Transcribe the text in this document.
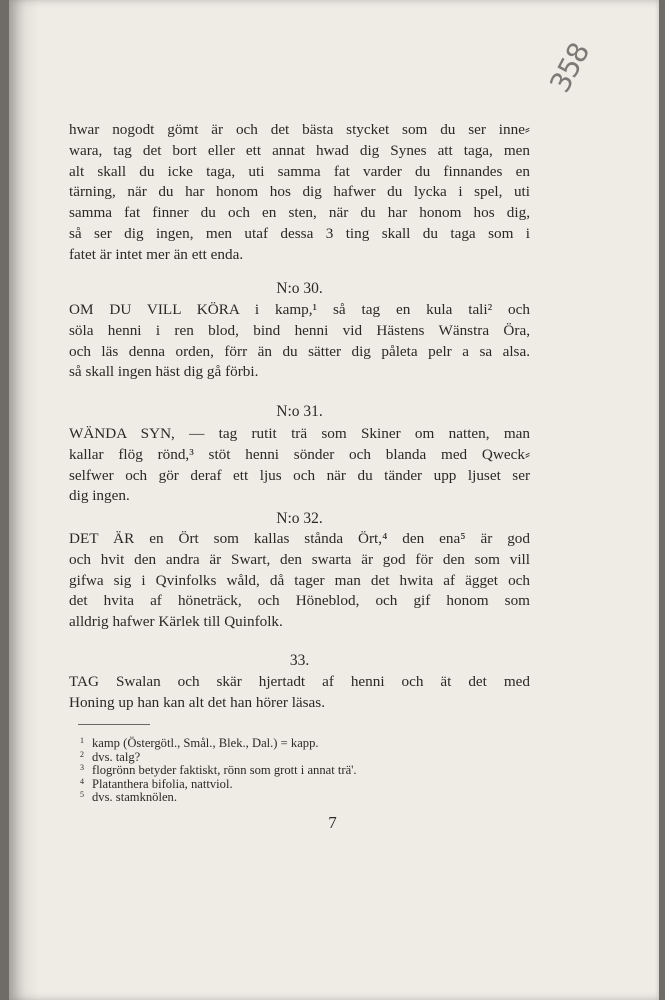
358
hwar nogodt gömt är och det bästa stycket som du ser inne⸗
wara, tag det bort eller ett annat hwad dig Synes att taga, men
alt skall du icke taga, uti samma fat varder du finnandes en
tärning, när du har honom hos dig hafwer du lycka i spel, uti
samma fat finner du och en sten, när du har honom hos dig,
så ser dig ingen, men utaf dessa 3 ting skall du taga som i
fatet är intet mer än ett enda.
N:o 30.
OM DU VILL KÖRA i kamp,¹ så tag en kula tali² och
söla henni i ren blod, bind henni vid Hästens Wänstra Öra,
och läs denna orden, förr än du sätter dig påleta pelr a sa alsa.
så skall ingen häst dig gå förbi.
N:o 31.
WÄNDA SYN, — tag rutit trä som Skiner om natten, man
kallar flög rönd,³ stöt henni sönder och blanda med Qweck⸗
selfwer och gör deraf ett ljus och när du tänder upp ljuset ser
dig ingen.
N:o 32.
DET ÄR en Ört som kallas stånda Ört,⁴ den ena⁵ är god
och hvit den andra är Swart, den swarta är god för den som vill
gifwa sig i Qvinfolks wåld, då tager man det hwita af ägget och
det hvita af höneträck, och Höneblod, och gif honom som
alldrig hafwer Kärlek till Quinfolk.
33.
TAG Swalan och skär hjertadt af henni och ät det med
Honing up han kan alt det han hörer läsas.
1 kamp (Östergötl., Smål., Blek., Dal.) = kapp.
2 dvs. talg?
3 flogrönn betyder faktiskt, rönn som grott i annat trä'.
4 Platanthera bifolia, nattviol.
5 dvs. stamknölen.
7
